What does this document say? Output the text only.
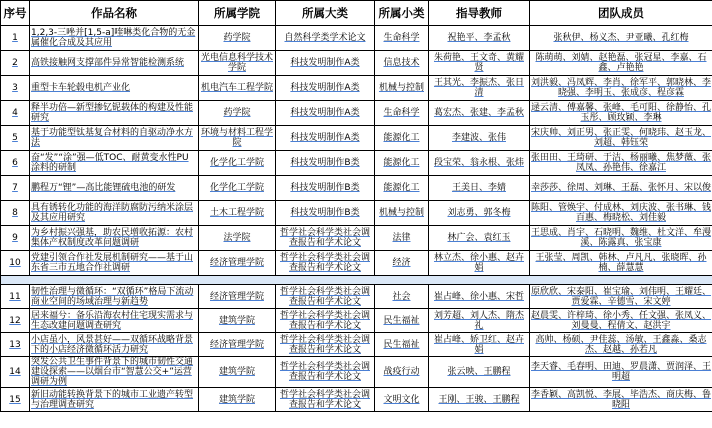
序号	作品名称	所属学院	所属大类	所属小类	指导教师	团队成员
1	1,2,3-三唑并[1,5-a]喹啉类化合物的无金属催化合成及其应用	药学院	自然科学类学术论文	生命科学	祝艳平、李孟秋	张秋伊、杨义杰、尹亚曦、孔红梅
2	高铁接触网支撑部件异常智能检测系统	光电信息科学技术学院	科技发明制作A类	信息技术	朱荷艳、王文奇、黄耀贤	陈萌萌、刘婧、赵艳磊、张冠星、李嘉、石鑫、卢艳艳
3	重型卡车轮毂电机产业化	机电汽车工程学院	科技发明制作A类	机械与控制	王其光、李振杰、张日清	刘洪毅、冯凤辉、李肖、徐军平、郭晓林、李晓强、李明玉、张成彦、程彦霖
4	释半功倍—新型掺钇铌载体的构建及性能研究	药学院	科技发明制作A类	生命科学	葛宏杰、张建、李孟秋	逯云清、傅嘉馨、张峰、毛可阳、徐静怡、孔玉彤、顾玫颖、李琳
5	基于功能型钛基复合材料的自驱动净水方法	环境与材料工程学院	科技发明制作A类	能源化工	李建波、张伟	宋庆帅、刘正男、张正雯、何晓玮、赵玉龙、刘超、韩钰荣
6	奋“发”“涂”强—低TOC、耐黄变水性PU涂料的研制	化学化工学院	科技发明制作B类	能源化工	段宝荣、翁永根、张炜	张田田、王琦研、于洁、杨丽曦、焦梦薇、张凤凤、孙艳伟、徐嘉江
7	鹏程万“锂”—高比能锂硫电池的研发	化学化工学院	科技发明制作B类	能源化工	王美日、李婧	幸莎莎、徐周、刘琳、王磊、张怀月、宋以俊
8	具有锈转化功能的海洋防腐防污纳米涂层及其应用研究	土木工程学院	科技发明制作B类	机械与控制	刘志勇、郭冬梅	陈阳、管焕宇、付成林、刘庆波、张书琳、钱百惠、梅晓松、刘佳毅
9	为乡村振兴强基，助农民增收拓源：农村集体产权制度改革问题调研	法学院	哲学社会科学类社会调查报告和学术论文	法律	林广会、袁红玉	王思成、肖宇、石晓明、魏维、杜文洋、牟漫溪、陈露真、张宝康
10	党建引领合作社发展机制研究——基于山东省三市五地合作社调研	经济管理学院	哲学社会科学类社会调查报告和学术论文	经济	林立杰、徐小惠、赵卉娟	王张莹、周凯、韩林、卢凡凡、张晓晖、孙楠、薛慧慧

11	韧性治理与微循环：“双循环”格局下流动商业空间的场域治理与新趋势	经济管理学院	哲学社会科学类社会调查报告和学术论文	社会	崔占峰、徐小惠、宋哲	原欣欣、宋泰阳、崔宝瑜、刘伟明、王耀廷、贾爱霖、辛德雪、宋文婷
12	居来福兮：备乐沿海农村住宅现实需求与生态改建问题调查研究	建筑学院	哲学社会科学类社会调查报告和学术论文	民生福祉	刘芳超、刘人杰、隋杰礼	赵晨雯、许梓琦、徐小秀、任文强、张凤义、刘曼曼、程倩文、赵洪宇
13	小店虽小，风景甚好——双循环战略背景下的小店经济微循环活力研究	经济管理学院	哲学社会科学类社会调查报告和学术论文	民生福祉	崔占峰、娇卫红、赵卉娟	高帅、杨硕、尹佳蕊、汤敏、王鑫淼、桑志杰、赵越、孙若凡
14	突发公共卫生事件背景下的城市韧性交通建设探索——以烟台市“智慧公交+”运营调研为例	建筑学院	哲学社会科学类社会调查报告和学术论文	战疫行动	张云映、王鹏程	李天睿、毛春明、田迪、罗晨潇、贾润泽、王明超
15	新旧动能转换背景下的城市工业遗产转型与治理调查研究	建筑学院	哲学社会科学类社会调查报告和学术论文	文明文化	王刚、王骏、王鹏程	李香颖、高凯悦、李展、毕浩杰、商庆梅、鲁晓阳
